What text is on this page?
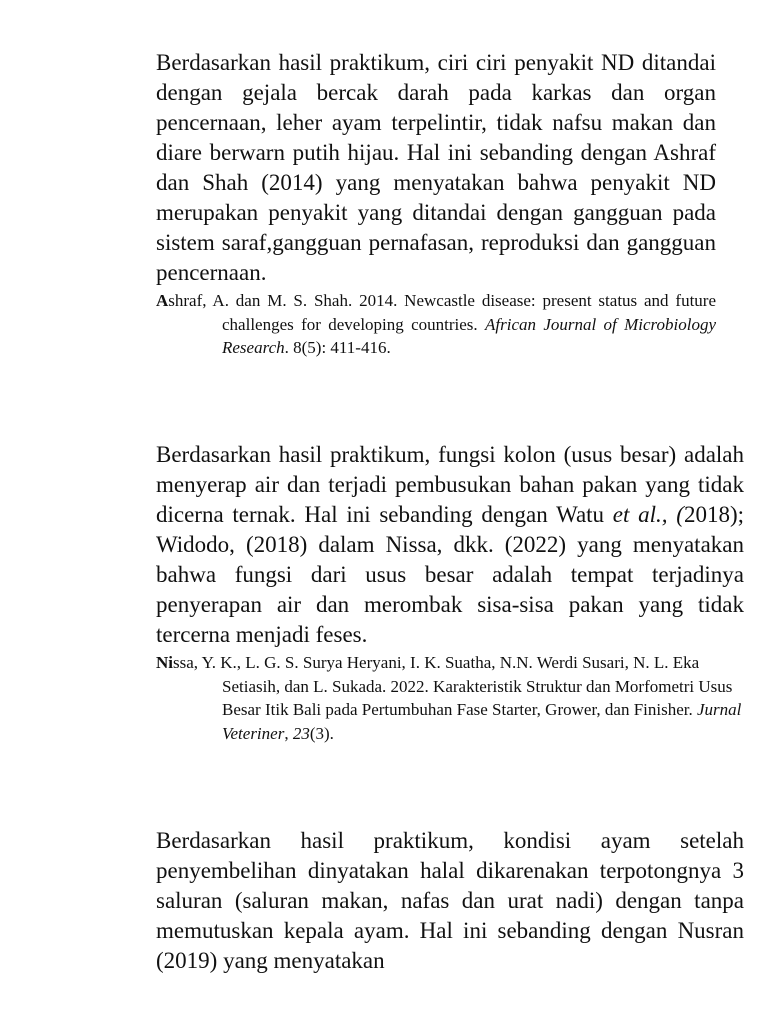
Berdasarkan hasil praktikum, ciri ciri penyakit ND ditandai dengan gejala bercak darah pada karkas dan organ pencernaan, leher ayam terpelintir, tidak nafsu makan dan diare berwarn putih hijau. Hal ini sebanding dengan Ashraf dan Shah (2014) yang menyatakan bahwa penyakit ND merupakan penyakit yang ditandai dengan gangguan pada sistem saraf,gangguan pernafasan, reproduksi dan gangguan pencernaan.

Ashraf, A. dan M. S. Shah. 2014. Newcastle disease: present status and future challenges for developing countries. African Journal of Microbiology Research. 8(5): 411-416.

Berdasarkan hasil praktikum, fungsi kolon (usus besar) adalah menyerap air dan terjadi pembusukan bahan pakan yang tidak dicerna ternak. Hal ini sebanding dengan Watu et al., (2018); Widodo, (2018) dalam Nissa, dkk. (2022) yang menyatakan bahwa fungsi dari usus besar adalah tempat terjadinya penyerapan air dan merombak sisa-sisa pakan yang tidak tercerna menjadi feses.

Nissa, Y. K., L. G. S. Surya Heryani, I. K. Suatha, N.N. Werdi Susari, N. L. Eka Setiasih, dan L. Sukada. 2022. Karakteristik Struktur dan Morfometri Usus Besar Itik Bali pada Pertumbuhan Fase Starter, Grower, dan Finisher. Jurnal Veteriner, 23(3).

Berdasarkan hasil praktikum, kondisi ayam setelah penyembelihan dinyatakan halal dikarenakan terpotongnya 3 saluran (saluran makan, nafas dan urat nadi) dengan tanpa memutuskan kepala ayam. Hal ini sebanding dengan Nusran (2019) yang menyatakan
